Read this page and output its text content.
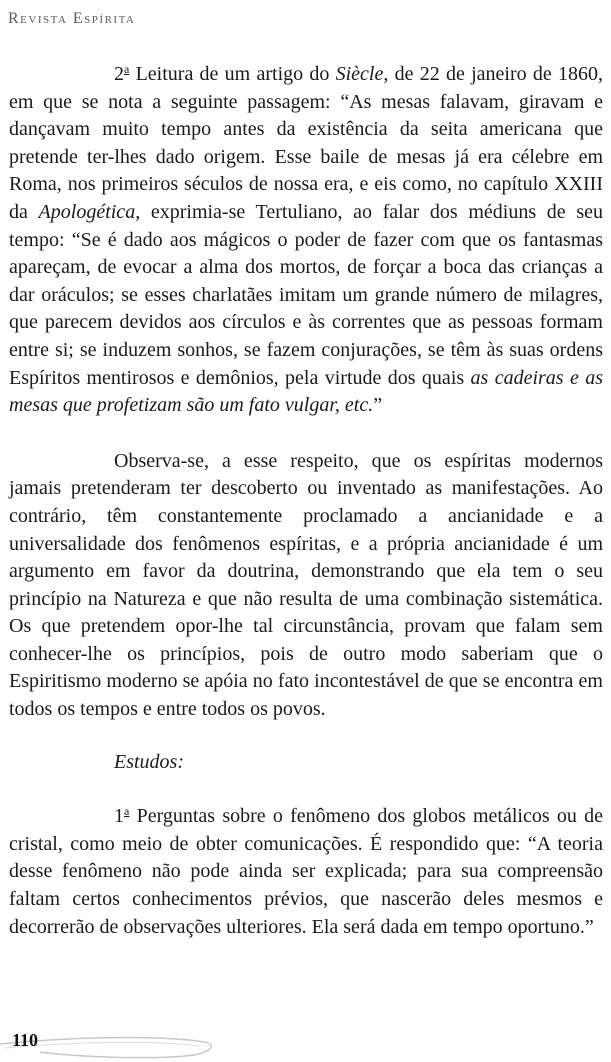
Revista Espírita

2$^a$ Leitura de um artigo do Siècle, de 22 de janeiro de 1860, em que se nota a seguinte passagem: “As mesas falavam, giravam e dançavam muito tempo antes da existência da seita americana que pretende ter-lhes dado origem. Esse baile de mesas já era célebre em Roma, nos primeiros séculos de nossa era, e eis como, no capítulo XXIII da Apologética, exprimia-se Tertuliano, ao falar dos médiuns de seu tempo: “Se é dado aos mágicos o poder de fazer com que os fantasmas apareçam, de evocar a alma dos mortos, de forçar a boca das crianças a dar oráculos; se esses charlatães imitam um grande número de milagres, que parecem devidos aos círculos e às correntes que as pessoas formam entre si; se induzem sonhos, se fazem conjurações, se têm às suas ordens Espíritos mentirosos e demônios, pela virtude dos quais as cadeiras e as mesas que profetizam são um fato vulgar, etc.”

Observa-se, a esse respeito, que os espíritas modernos jamais pretenderam ter descoberto ou inventado as manifestações. Ao contrário, têm constantemente proclamado a ancianidade e a universalidade dos fenômenos espíritas, e a própria ancianidade é um argumento em favor da doutrina, demonstrando que ela tem o seu princípio na Natureza e que não resulta de uma combinação sistemática. Os que pretendem opor-lhe tal circunstância, provam que falam sem conhecer-lhe os princípios, pois de outro modo saberiam que o Espiritismo moderno se apóia no fato incontestável de que se encontra em todos os tempos e entre todos os povos.

Estudos:

1$^a$ Perguntas sobre o fenômeno dos globos metálicos ou de cristal, como meio de obter comunicações. É respondido que: “A teoria desse fenômeno não pode ainda ser explicada; para sua compreensão faltam certos conhecimentos prévios, que nascerão deles mesmos e decorrerão de observações ulteriores. Ela será dada em tempo oportuno.”

110
